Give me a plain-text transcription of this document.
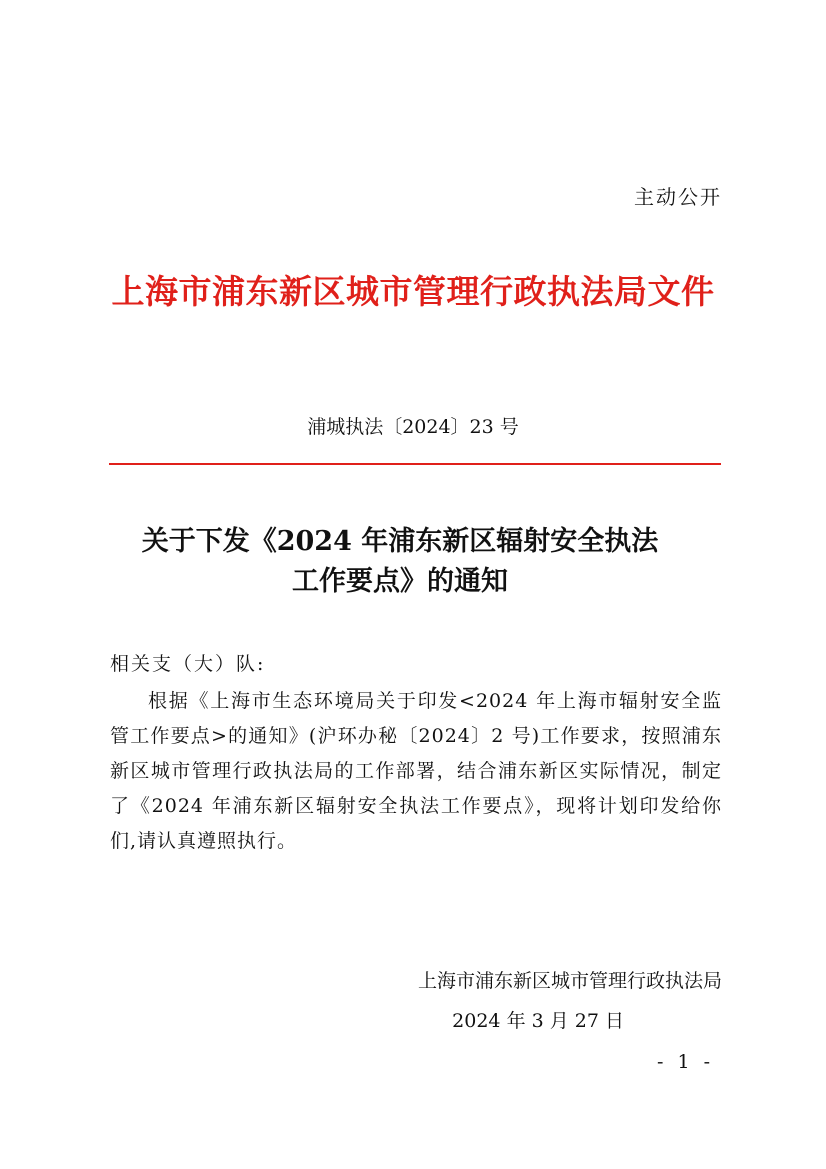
主动公开
上海市浦东新区城市管理行政执法局文件
浦城执法〔2024〕23 号
关于下发《2024 年浦东新区辐射安全执法
工作要点》的通知
相关支（大）队:

根据《上海市生态环境局关于印发<2024 年上海市辐射安全监管工作要点>的通知》(沪环办秘〔2024〕2 号)工作要求，按照浦东新区城市管理行政执法局的工作部署，结合浦东新区实际情况，制定了《2024 年浦东新区辐射安全执法工作要点》，现将计划印发给你们,请认真遵照执行。

上海市浦东新区城市管理行政执法局
2024 年 3 月 27 日
- 1 -
